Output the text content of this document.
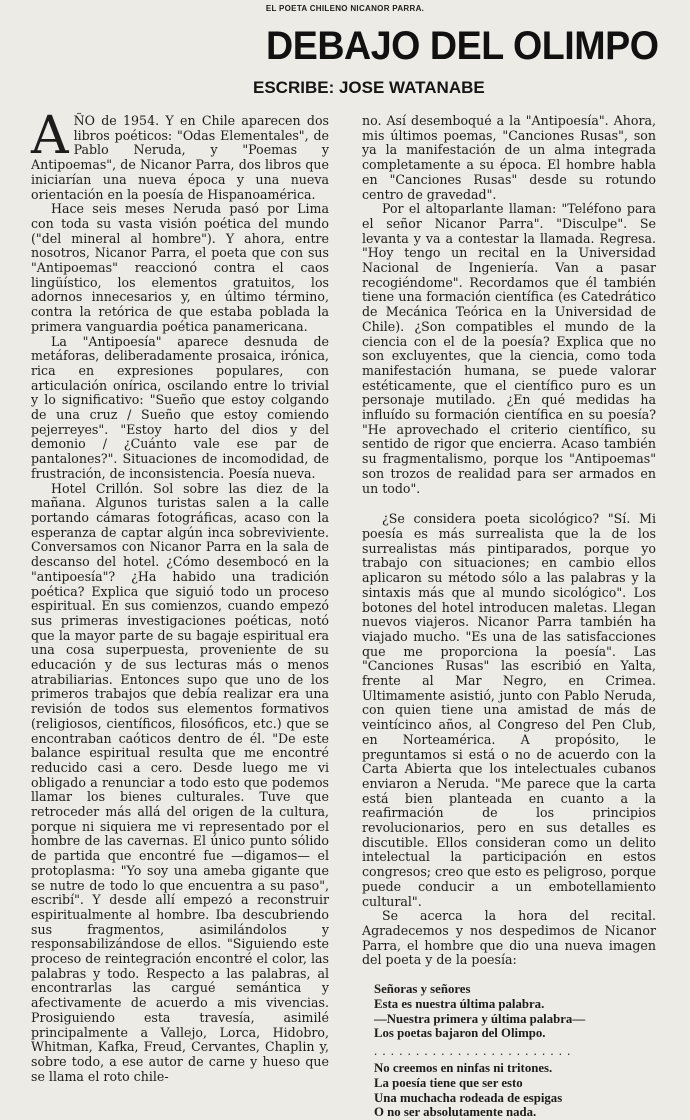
EL POETA CHILENO NICANOR PARRA.
DEBAJO DEL OLIMPO
ESCRIBE: JOSE WATANABE

AÑO de 1954. Y en Chile aparecen dos libros poéticos: "Odas Elementales", de Pablo Neruda, y "Poemas y Antipoemas", de Nicanor Parra, dos libros que iniciarían una nueva época y una nueva orientación en la poesía de Hispanoamérica.

Hace seis meses Neruda pasó por Lima con toda su vasta visión poética del mundo ("del mineral al hombre"). Y ahora, entre nosotros, Nicanor Parra, el poeta que con sus "Antipoemas" reaccionó contra el caos lingüístico, los elementos gratuitos, los adornos innecesarios y, en último término, contra la retórica de que estaba poblada la primera vanguardia poética panamericana.

La "Antipoesía" aparece desnuda de metáforas, deliberadamente prosaica, irónica, rica en expresiones populares, con articulación onírica, oscilando entre lo trivial y lo significativo: "Sueño que estoy colgando de una cruz / Sueño que estoy comiendo pejerreyes". "Estoy harto del dios y del demonio / ¿Cuánto vale ese par de pantalones?". Situaciones de incomodidad, de frustración, de inconsistencia. Poesía nueva.

Hotel Crillón. Sol sobre las diez de la mañana. Algunos turistas salen a la calle portando cámaras fotográficas, acaso con la esperanza de captar algún inca sobreviviente. Conversamos con Nicanor Parra en la sala de descanso del hotel. ¿Cómo desembocó en la "antipoesía"? ¿Ha habido una tradición poética? Explica que siguió todo un proceso espiritual. En sus comienzos, cuando empezó sus primeras investigaciones poéticas, notó que la mayor parte de su bagaje espiritual era una cosa superpuesta, proveniente de su educación y de sus lecturas más o menos atrabiliarias. Entonces supo que uno de los primeros trabajos que debía realizar era una revisión de todos sus elementos formativos (religiosos, científicos, filosóficos, etc.) que se encontraban caóticos dentro de él. "De este balance espiritual resulta que me encontré reducido casi a cero. Desde luego me vi obligado a renunciar a todo esto que podemos llamar los bienes culturales. Tuve que retroceder más allá del origen de la cultura, porque ni siquiera me vi representado por el hombre de las cavernas. El único punto sólido de partida que encontré fue —digamos— el protoplasma: "Yo soy una ameba gigante que se nutre de todo lo que encuentra a su paso", escribí". Y desde allí empezó a reconstruir espiritualmente al hombre. Iba descubriendo sus fragmentos, asimilándolos y responsabilizándose de ellos. "Siguiendo este proceso de reintegración encontré el color, las palabras y todo. Respecto a las palabras, al encontrarlas las cargué semántica y afectivamente de acuerdo a mis vivencias. Prosiguiendo esta travesía, asimilé principalmente a Vallejo, Lorca, Hidobro, Whitman, Kafka, Freud, Cervantes, Chaplin y, sobre todo, a ese autor de carne y hueso que se llama el roto chile-

no. Así desemboqué a la "Antipoesía". Ahora, mis últimos poemas, "Canciones Rusas", son ya la manifestación de un alma integrada completamente a su época. El hombre habla en "Canciones Rusas" desde su rotundo centro de gravedad".

Por el altoparlante llaman: "Teléfono para el señor Nicanor Parra". "Disculpe". Se levanta y va a contestar la llamada. Regresa. "Hoy tengo un recital en la Universidad Nacional de Ingeniería. Van a pasar recogiéndome". Recordamos que él también tiene una formación científica (es Catedrático de Mecánica Teórica en la Universidad de Chile). ¿Son compatibles el mundo de la ciencia con el de la poesía? Explica que no son excluyentes, que la ciencia, como toda manifestación humana, se puede valorar estéticamente, que el científico puro es un personaje mutilado. ¿En qué medidas ha influído su formación científica en su poesía? "He aprovechado el criterio científico, su sentido de rigor que encierra. Acaso también su fragmentalismo, porque los "Antipoemas" son trozos de realidad para ser armados en un todo".

¿Se considera poeta sicológico? "Sí. Mi poesía es más surrealista que la de los surrealistas más pintiparados, porque yo trabajo con situaciones; en cambio ellos aplicaron su método sólo a las palabras y la sintaxis más que al mundo sicológico". Los botones del hotel introducen maletas. Llegan nuevos viajeros. Nicanor Parra también ha viajado mucho. "Es una de las satisfacciones que me proporciona la poesía". Las "Canciones Rusas" las escribió en Yalta, frente al Mar Negro, en Crimea. Ultimamente asistió, junto con Pablo Neruda, con quien tiene una amistad de más de veintícinco años, al Congreso del Pen Club, en Norteamérica. A propósito, le preguntamos si está o no de acuerdo con la Carta Abierta que los intelectuales cubanos enviaron a Neruda. "Me parece que la carta está bien planteada en cuanto a la reafirmación de los principios revolucionarios, pero en sus detalles es discutible. Ellos consideran como un delito intelectual la participación en estos congresos; creo que esto es peligroso, porque puede conducir a un embotellamiento cultural".

Se acerca la hora del recital. Agradecemos y nos despedimos de Nicanor Parra, el hombre que dio una nueva imagen del poeta y de la poesía:

Señoras y señores
Esta es nuestra última palabra.
—Nuestra primera y última palabra—
Los poetas bajaron del Olimpo.
. . . . . . . . . . . . . . . . . . . . . . . .
No creemos en ninfas ni tritones.
La poesía tiene que ser esto
Una muchacha rodeada de espigas
O no ser absolutamente nada.
